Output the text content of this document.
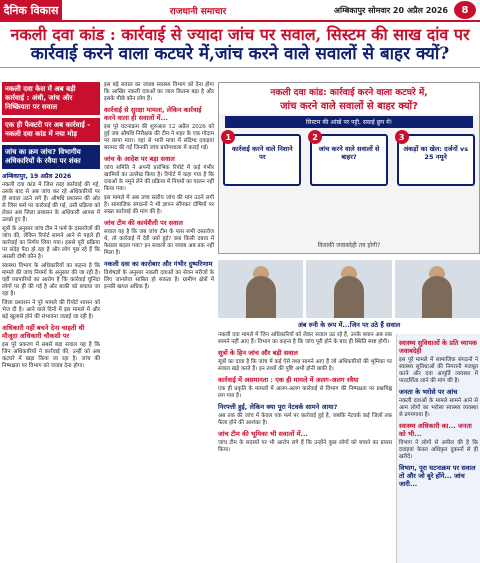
दैनिक विकास	राजधानी समाचार	अम्बिकापुर सोमवार 20 अप्रैल 2026	8
नकली दवा कांड : कार्रवाई से ज्यादा जांच पर सवाल, सिस्टम की साख दांव पर
कार्रवाई करने वाला कटघरे में,जांच करने वाले सवालों से बाहर क्यों?
नकली दवा केस में अब बड़ी कार्रवाई : अंधी, जांच और निष्क्रियता पर सवाल
एक ही फैक्टरी पर अब कार्रवाई - नकली दवा कांड में नया मोड़
जांच का क्रम जांच? विभागीय अधिकारियों के रवैया पर शंका
अम्बिकापुर, 19 अप्रैल 2026

नकली दवा कांड में जिस तरह कार्रवाई की गई, उसके बाद से अब जांच कर रहे अधिकारियों पर ही सवाल उठने लगे हैं। औषधि प्रशासन की ओर से जिस फर्म पर कार्रवाई की गई, उसी प्रक्रिया को लेकर अब जिला प्रशासन के अधिकारी आपस में उलझे हुए हैं।

सूत्रों के अनुसार जांच टीम ने फर्म के दस्तावेजों की जांच की, लेकिन रिपोर्ट सामने आने से पहले ही कार्रवाई का निर्णय लिया गया। इससे पूरी प्रक्रिया पर संदेह पैदा हो रहा है और लोग पूछ रहे हैं कि असली दोषी कौन है।

स्वास्थ्य विभाग के अधिकारियों का कहना है कि मामले की जांच नियमों के अनुसार की जा रही है। वहीं व्यापारियों का आरोप है कि कार्रवाई चुनिंदा लोगों पर ही की गई है और बाकी को बचाया जा रहा है।

जिला प्रशासन ने पूरे मामले की रिपोर्ट शासन को भेज दी है। आने वाले दिनों में इस मामले में और बड़े खुलासे होने की संभावना जताई जा रही है।

अधिकारी नहीं बचने देना चाहती थी मौजूदा अधिकारी चौकसी पर

इस पूरे प्रकरण में सबसे बड़ा सवाल यह है कि जिन अधिकारियों ने कार्रवाई की, उन्हीं को अब कटघरे में खड़ा किया जा रहा है। जांच की निष्पक्षता पर विभाग को जवाब देना होगा।

इस बड़े सवाल का जवाब स्वास्थ्य विभाग को देना होगा कि आखिर नकली दवाओं का जाल कितना बड़ा है और इसके पीछे कौन लोग हैं।

कार्रवाई से सुरक्षा मामला, लेकिन कार्रवाई करने वाला ही सवालों में...

इस पूरे घटनाक्रम की शुरुआत 12 अप्रैल 2026 को हुई जब औषधि निरीक्षक की टीम ने शहर के एक गोदाम पर छापा मारा। वहां से भारी मात्रा में संदिग्ध दवाइयां बरामद की गईं जिनकी जांच प्रयोगशाला में कराई गई।

जांच के आदेश पर बड़ा सवाल

जांच समिति ने अपनी प्रारंभिक रिपोर्ट में कई गंभीर खामियों का उल्लेख किया है। रिपोर्ट में कहा गया है कि दवाओं के नमूने लेने की प्रक्रिया में नियमों का पालन नहीं किया गया।

इस मामले में अब उच्च स्तरीय जांच की मांग उठने लगी है। सामाजिक संगठनों ने भी ज्ञापन सौंपकर दोषियों पर सख्त कार्रवाई की मांग की है।

जांच टीम की कार्यशैली पर सवाल

सवाल यह है कि जब जांच टीम के पास सभी दस्तावेज थे, तो कार्रवाई में देरी क्यों हुई? क्या किसी दबाव में फैसला बदला गया? इन सवालों का जवाब अब तक नहीं मिला है।

नकली दवा का कारोबार और गंभीर दुष्परिणाम

विशेषज्ञों के अनुसार नकली दवाओं का सेवन मरीजों के लिए जानलेवा साबित हो सकता है। ग्रामीण क्षेत्रों में इनकी खपत अधिक है।

नकली दवा कांड: कार्रवाई करने वाला कटघरे में,
जांच करने वाले सवालों से बाहर क्यों?
सिस्टम की आंखें पर पट्टी, सवाई छुप में!
1
कार्रवाई करने वाले निशाने पर
2
जांच करने वाले सवालों से बाहर?
3
अंकड़ों का खेल: दर्जनों vs 25 नमूने
किसकी जवाबदेही तय होगी?
अंब रुनी के रूप में...जिन पर उठे हैं सवाल

नकली दवा मामले में जिन अधिकारियों को लेकर सवाल उठ रहे हैं, उनके बयान अब तक सामने नहीं आए हैं। विभाग का कहना है कि जांच पूरी होने के बाद ही स्थिति स्पष्ट होगी।

सूत्रों के हिन जांच और बड़ी सवाल

सूत्रों का दावा है कि जांच में कई ऐसे तथ्य सामने आए हैं जो अधिकारियों की भूमिका पर सवाल खड़े करते हैं। इन तथ्यों की पुष्टि अभी होनी बाकी है।

कार्रवाई में असमानता : एक ही मामले में अलग-अलग रवैया

एक ही प्रकृति के मामलों में अलग-अलग कार्रवाई से विभाग की निष्पक्षता पर प्रश्नचिह्न लग गया है।

निरपत्ती हुई, लेकिन क्या पूरा नेटवर्क सामने आया?

अब तक की जांच में केवल एक फर्म पर कार्रवाई हुई है, जबकि नेटवर्क कई जिलों तक फैला होने की आशंका है।

जांच टीम की भूमिका भी सवालों में...

जांच टीम के सदस्यों पर भी आरोप लगे हैं कि उन्होंने कुछ लोगों को बचाने का प्रयास किया।

स्वास्थ्य सुविधाओं के प्रति व्यापक जवाबदेही

इस पूरे मामले में सामाजिक संगठनों ने स्वास्थ्य सुविधाओं की निगरानी मजबूत करने और दवा आपूर्ति व्यवस्था में पारदर्शिता लाने की मांग की है।

जनता के भरोसे पर आंच

नकली दवाओं के मामले सामने आने से आम लोगों का भरोसा स्वास्थ्य व्यवस्था से डगमगाया है।

स्वास्थ्य अधिकारी का... जनता को भी...

विभाग ने लोगों से अपील की है कि दवाइयां केवल अधिकृत दुकानों से ही खरीदें।

विभाग, पूरा घटनाक्रम पर सवाल तो और जो बुरे होंगे... जांच जारी...
